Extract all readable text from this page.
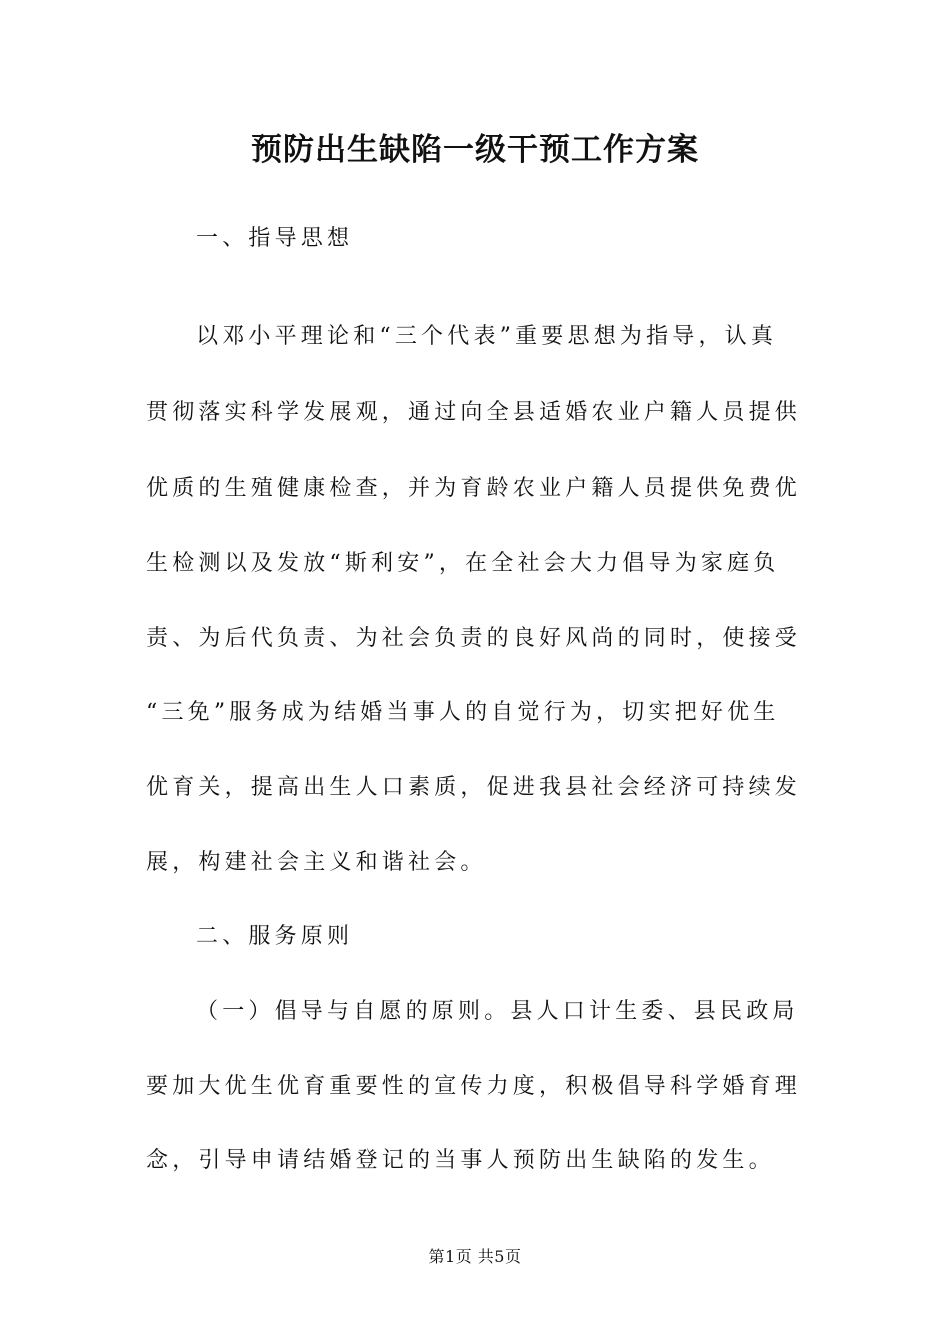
预防出生缺陷一级干预工作方案

一、指导思想

以邓小平理论和“三个代表”重要思想为指导，认真

贯彻落实科学发展观，通过向全县适婚农业户籍人员提供

优质的生殖健康检查，并为育龄农业户籍人员提供免费优

生检测以及发放“斯利安”，在全社会大力倡导为家庭负

责、为后代负责、为社会负责的良好风尚的同时，使接受

“三免”服务成为结婚当事人的自觉行为，切实把好优生

优育关，提高出生人口素质，促进我县社会经济可持续发

展，构建社会主义和谐社会。

二、服务原则

（一）倡导与自愿的原则。县人口计生委、县民政局

要加大优生优育重要性的宣传力度，积极倡导科学婚育理

念，引导申请结婚登记的当事人预防出生缺陷的发生。

第1页 共5页
